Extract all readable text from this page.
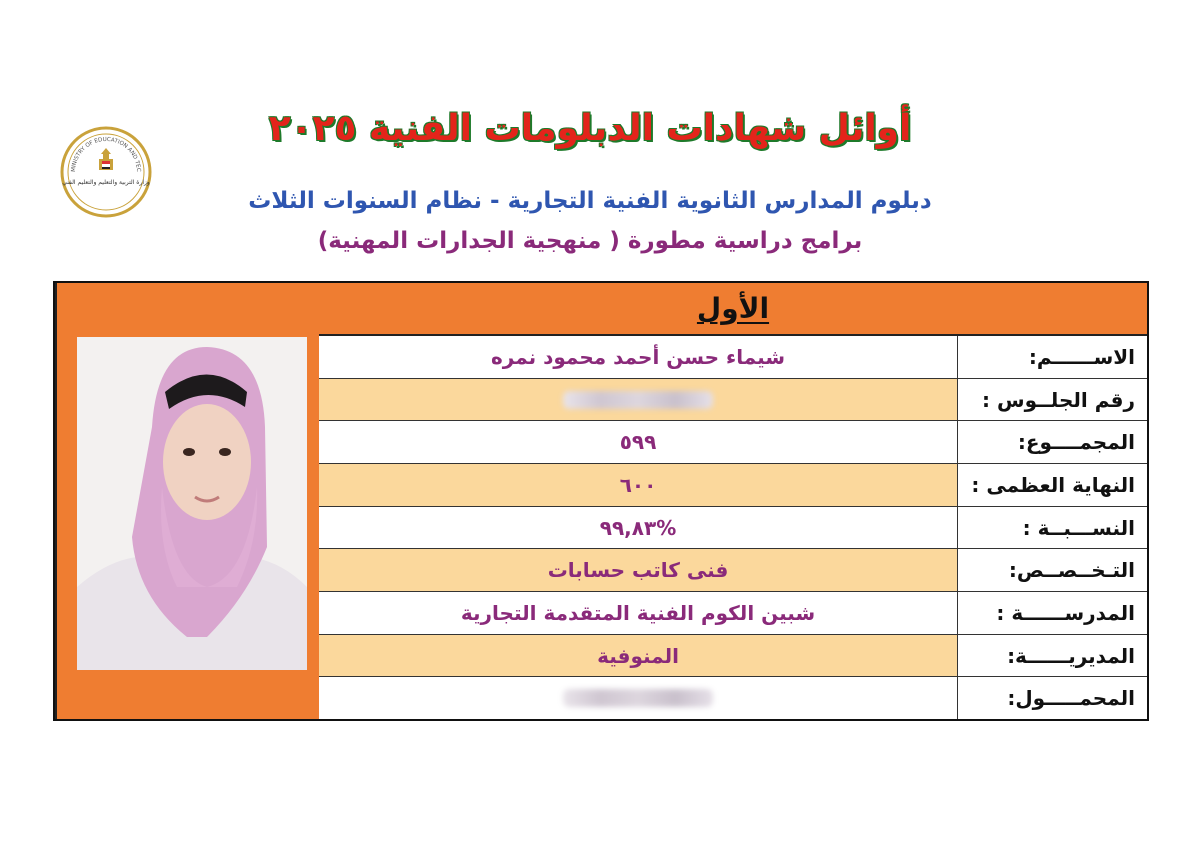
MINISTRY OF EDUCATION AND TEC
وزارة التربية والتعليم والتعليم الفني
أوائل شهادات الدبلومات الفنية ٢٠٢٥
دبلوم المدارس الثانوية الفنية التجارية - نظام السنوات الثلاث
برامج دراسية مطورة ( منهجية الجدارات المهنية)
الأول
الاســــــم:
شيماء حسن أحمد محمود نمره
رقم الجلــوس :
المجمــــوع:
٥٩٩
النهاية العظمى :
٦٠٠
النســـبــة :
%٩٩,٨٣
التـخــصــص:
فنى كاتب حسابات
المدرســــــة :
شبين الكوم الفنية المتقدمة التجارية
المديريــــــة:
المنوفية
المحمـــــول:
